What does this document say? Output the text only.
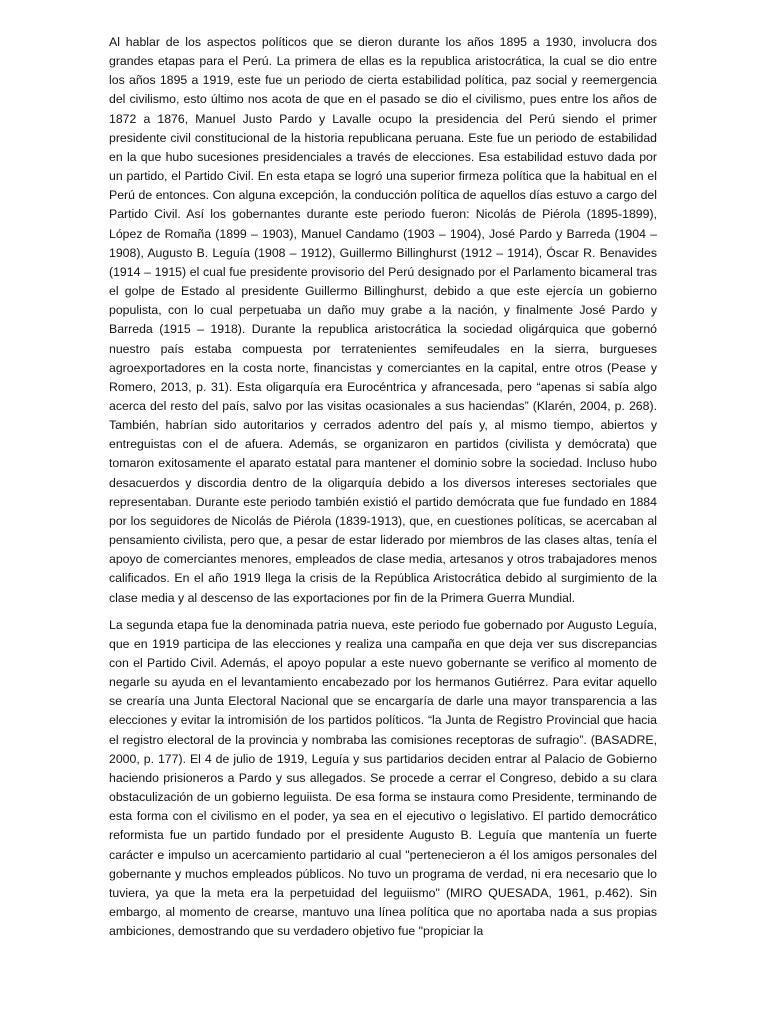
Al hablar de los aspectos políticos que se dieron durante los años 1895 a 1930, involucra dos grandes etapas para el Perú. La primera de ellas es la republica aristocrática, la cual se dio entre los años 1895 a 1919, este fue un periodo de cierta estabilidad política, paz social y reemergencia del civilismo, esto último nos acota de que en el pasado se dio el civilismo, pues entre los años de 1872 a 1876, Manuel Justo Pardo y Lavalle ocupo la presidencia del Perú siendo el primer presidente civil constitucional de la historia republicana peruana. Este fue un periodo de estabilidad en la que hubo sucesiones presidenciales a través de elecciones. Esa estabilidad estuvo dada por un partido, el Partido Civil. En esta etapa se logró una superior firmeza política que la habitual en el Perú de entonces. Con alguna excepción, la conducción política de aquellos días estuvo a cargo del Partido Civil. Así los gobernantes durante este periodo fueron: Nicolás de Piérola (1895-1899), López de Romaña (1899 – 1903), Manuel Candamo (1903 – 1904), José Pardo y Barreda (1904 – 1908), Augusto B. Leguía (1908 – 1912), Guillermo Billinghurst (1912 – 1914), Óscar R. Benavides (1914 – 1915) el cual fue presidente provisorio del Perú designado por el Parlamento bicameral tras el golpe de Estado al presidente Guillermo Billinghurst, debido a que este ejercía un gobierno populista, con lo cual perpetuaba un daño muy grabe a la nación, y finalmente José Pardo y Barreda (1915 – 1918). Durante la republica aristocrática la sociedad oligárquica que gobernó nuestro país estaba compuesta por terratenientes semifeudales en la sierra, burgueses agroexportadores en la costa norte, financistas y comerciantes en la capital, entre otros (Pease y Romero, 2013, p. 31). Esta oligarquía era Eurocéntrica y afrancesada, pero “apenas si sabía algo acerca del resto del país, salvo por las visitas ocasionales a sus haciendas” (Klarén, 2004, p. 268). También, habrían sido autoritarios y cerrados adentro del país y, al mismo tiempo, abiertos y entreguistas con el de afuera. Además, se organizaron en partidos (civilista y demócrata) que tomaron exitosamente el aparato estatal para mantener el dominio sobre la sociedad. Incluso hubo desacuerdos y discordia dentro de la oligarquía debido a los diversos intereses sectoriales que representaban. Durante este periodo también existió el partido demócrata que fue fundado en 1884 por los seguidores de Nicolás de Piérola (1839-1913), que, en cuestiones políticas, se acercaban al pensamiento civilista, pero que, a pesar de estar liderado por miembros de las clases altas, tenía el apoyo de comerciantes menores, empleados de clase media, artesanos y otros trabajadores menos calificados. En el año 1919 llega la crisis de la República Aristocrática debido al surgimiento de la clase media y al descenso de las exportaciones por fin de la Primera Guerra Mundial.

La segunda etapa fue la denominada patria nueva, este periodo fue gobernado por Augusto Leguía, que en 1919 participa de las elecciones y realiza una campaña en que deja ver sus discrepancias con el Partido Civil. Además, el apoyo popular a este nuevo gobernante se verifico al momento de negarle su ayuda en el levantamiento encabezado por los hermanos Gutiérrez. Para evitar aquello se crearía una Junta Electoral Nacional que se encargaría de darle una mayor transparencia a las elecciones y evitar la intromisión de los partidos políticos. “la Junta de Registro Provincial que hacia el registro electoral de la provincia y nombraba las comisiones receptoras de sufragio”. (BASADRE, 2000, p. 177). El 4 de julio de 1919, Leguía y sus partidarios deciden entrar al Palacio de Gobierno haciendo prisioneros a Pardo y sus allegados. Se procede a cerrar el Congreso, debido a su clara obstaculización de un gobierno leguiista. De esa forma se instaura como Presidente, terminando de esta forma con el civilismo en el poder, ya sea en el ejecutivo o legislativo. El partido democrático reformista fue un partido fundado por el presidente Augusto B. Leguía que mantenía un fuerte carácter e impulso un acercamiento partidario al cual "pertenecieron a él los amigos personales del gobernante y muchos empleados públicos. No tuvo un programa de verdad, ni era necesario que lo tuviera, ya que la meta era la perpetuidad del leguiismo" (MIRO QUESADA, 1961, p.462). Sin embargo, al momento de crearse, mantuvo una línea política que no aportaba nada a sus propias ambiciones, demostrando que su verdadero objetivo fue "propiciar la
